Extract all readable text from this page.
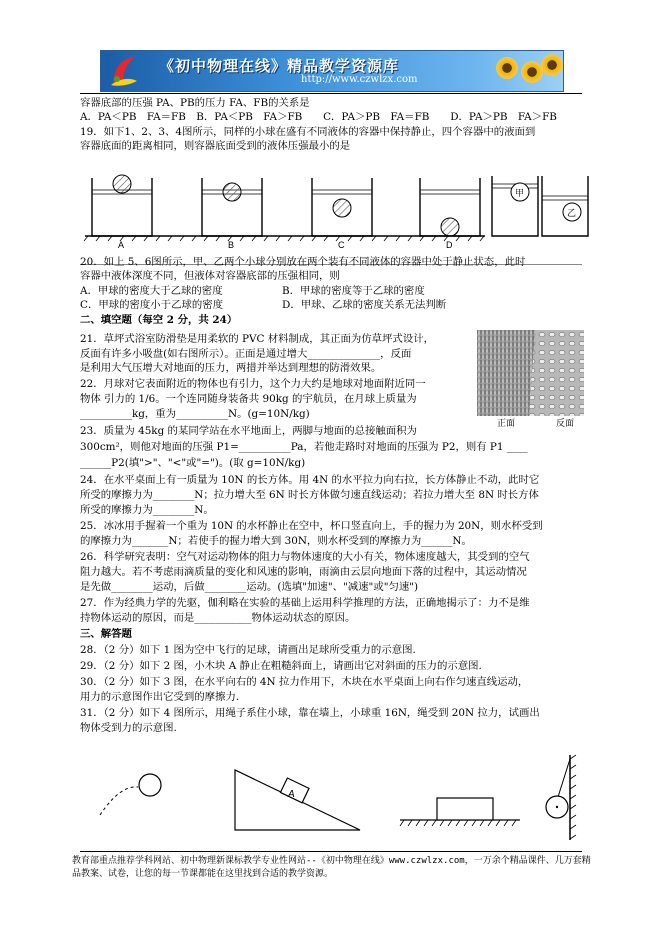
《初中物理在线》精品教学资源库
http://www.czwlzx.com
容器底部的压强 PA、PB的压力 FA、FB的关系是
A．PA＜PB　FA＝FB　B．PA＜PB　FA＞FB　　C．PA＞PB　FA＝FB　　D．PA＞PB　FA＞FB
19．如下1、2、3、4图所示，同样的小球在盛有不同液体的容器中保持静止，四个容器中的液面到
容器底面的距离相同，则容器底面受到的液体压强最小的是
A	B	C	D
甲
乙
20．如上 5、6图所示，甲、乙两个小球分别放在两个装有不同液体的容器中处于静止状态，此时
容器中液体深度不同，但液体对容器底部的压强相同，则
A．甲球的密度大于乙球的密度	B．甲球的密度等于乙球的密度
C．甲球的密度小于乙球的密度	D．甲球、乙球的密度关系无法判断
二、填空题（每空 2 分，共 24）
21．草坪式浴室防滑垫是用柔软的 PVC 材料制成，其正面为仿草坪式设计，
反面有许多小吸盘(如右图所示）。正面是通过增大______________，反面
是利用大气压增大对地面的压力，两措并举达到理想的防滑效果。
正面	反面
22．月球对它表面附近的物体也有引力，这个力大约是地球对地面附近同一
物体 引力的 1/6。一个连同随身装备共 90kg 的宇航员，在月球上质量为
__________kg，重为__________N。(g=10N/kg)
23．质量为 45kg 的某同学站在水平地面上，两脚与地面的总接触面积为
300cm²，则他对地面的压强 P1=__________Pa，若他走路时对地面的压强为 P2，则有 P1 ____
______P2(填">"、"<"或"=")。(取 g=10N/kg)
24．在水平桌面上有一质量为 10N 的长方体。用 4N 的水平拉力向右拉，长方体静止不动，此时它
所受的摩擦力为________N；拉力增大至 6N 时长方体做匀速直线运动；若拉力增大至 8N 时长方体
所受的摩擦力为________N。
25．冰冰用手握着一个重为 10N 的水杯静止在空中，杯口竖直向上，手的握力为 20N，则水杯受到
的摩擦力为_______N；若使手的握力增大到 30N，则水杯受到的摩擦力为______N。
26．科学研究表明：空气对运动物体的阻力与物体速度的大小有关，物体速度越大，其受到的空气
阻力越大。若不考虑雨滴质量的变化和风速的影响，雨滴由云层向地面下落的过程中，其运动情况
是先做________运动，后做________运动。(选填"加速"、"减速"或"匀速")
27．作为经典力学的先驱，伽利略在实验的基础上运用科学推理的方法，正确地揭示了：力不是维
持物体运动的原因，而是___________物体运动状态的原因。
三、解答题
28．（2 分）如下 1 图为空中飞行的足球，请画出足球所受重力的示意图.
29．（2 分）如下 2 图，小木块 A 静止在粗糙斜面上，请画出它对斜面的压力的示意图.
30．（2 分）如下 3 图，在水平向右的 4N 拉力作用下，木块在水平桌面上向右作匀速直线运动，
用力的示意图作出它受到的摩擦力.
31．（2 分）如下 4 图所示，用绳子系住小球，靠在墙上，小球重 16N，绳受到 20N 拉力，试画出
物体受到力的示意图.
A
教育部重点推荐学科网站、初中物理新课标教学专业性网站--《初中物理在线》www.czwlzx.com，一万余个精品课件、几万套精品教案、试卷，让您的每一节课都能在这里找到合适的教学资源。
